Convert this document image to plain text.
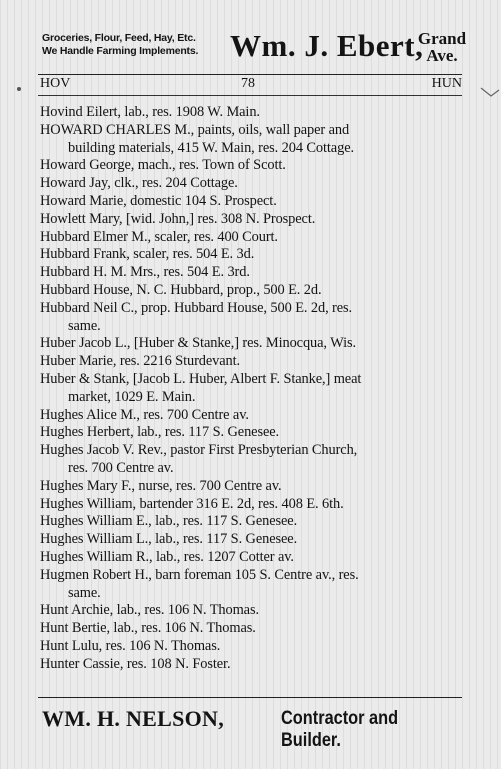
Groceries, Flour, Feed, Hay, Etc.
We Handle Farming Implements. Wm. J. Ebert,
Grand
Ave.
HOV	78	HUN
Hovind Eilert, lab., res. 1908 W. Main.
HOWARD CHARLES M., paints, oils, wall paper and
building materials, 415 W. Main, res. 204 Cottage.
Howard George, mach., res. Town of Scott.
Howard Jay, clk., res. 204 Cottage.
Howard Marie, domestic 104 S. Prospect.
Howlett Mary, [wid. John,] res. 308 N. Prospect.
Hubbard Elmer M., scaler, res. 400 Court.
Hubbard Frank, scaler, res. 504 E. 3d.
Hubbard H. M. Mrs., res. 504 E. 3rd.
Hubbard House, N. C. Hubbard, prop., 500 E. 2d.
Hubbard Neil C., prop. Hubbard House, 500 E. 2d, res.
same.
Huber Jacob L., [Huber & Stanke,] res. Minocqua, Wis.
Huber Marie, res. 2216 Sturdevant.
Huber & Stank, [Jacob L. Huber, Albert F. Stanke,] meat
market, 1029 E. Main.
Hughes Alice M., res. 700 Centre av.
Hughes Herbert, lab., res. 117 S. Genesee.
Hughes Jacob V. Rev., pastor First Presbyterian Church,
res. 700 Centre av.
Hughes Mary F., nurse, res. 700 Centre av.
Hughes William, bartender 316 E. 2d, res. 408 E. 6th.
Hughes William E., lab., res. 117 S. Genesee.
Hughes William L., lab., res. 117 S. Genesee.
Hughes William R., lab., res. 1207 Cotter av.
Hugmen Robert H., barn foreman 105 S. Centre av., res.
same.
Hunt Archie, lab., res. 106 N. Thomas.
Hunt Bertie, lab., res. 106 N. Thomas.
Hunt Lulu, res. 106 N. Thomas.
Hunter Cassie, res. 108 N. Foster.
WM. H. NELSON,	Contractor and Builder.
